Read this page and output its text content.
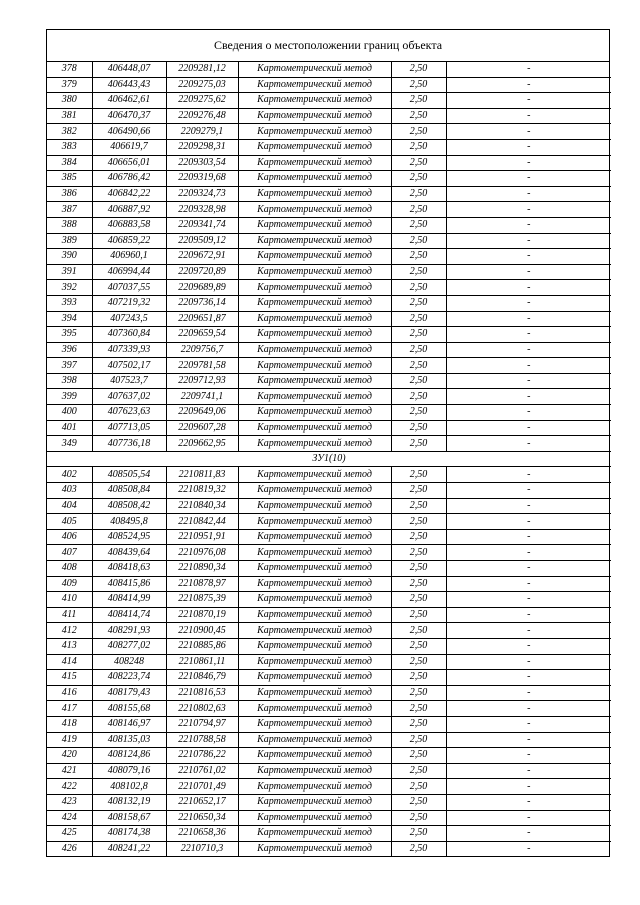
Сведения о местоположении границ объекта
378	406448,07	2209281,12	Картометрический метод	2,50	-
379	406443,43	2209275,03	Картометрический метод	2,50	-
380	406462,61	2209275,62	Картометрический метод	2,50	-
381	406470,37	2209276,48	Картометрический метод	2,50	-
382	406490,66	2209279,1	Картометрический метод	2,50	-
383	406619,7	2209298,31	Картометрический метод	2,50	-
384	406656,01	2209303,54	Картометрический метод	2,50	-
385	406786,42	2209319,68	Картометрический метод	2,50	-
386	406842,22	2209324,73	Картометрический метод	2,50	-
387	406887,92	2209328,98	Картометрический метод	2,50	-
388	406883,58	2209341,74	Картометрический метод	2,50	-
389	406859,22	2209509,12	Картометрический метод	2,50	-
390	406960,1	2209672,91	Картометрический метод	2,50	-
391	406994,44	2209720,89	Картометрический метод	2,50	-
392	407037,55	2209689,89	Картометрический метод	2,50	-
393	407219,32	2209736,14	Картометрический метод	2,50	-
394	407243,5	2209651,87	Картометрический метод	2,50	-
395	407360,84	2209659,54	Картометрический метод	2,50	-
396	407339,93	2209756,7	Картометрический метод	2,50	-
397	407502,17	2209781,58	Картометрический метод	2,50	-
398	407523,7	2209712,93	Картометрический метод	2,50	-
399	407637,02	2209741,1	Картометрический метод	2,50	-
400	407623,63	2209649,06	Картометрический метод	2,50	-
401	407713,05	2209607,28	Картометрический метод	2,50	-
349	407736,18	2209662,95	Картометрический метод	2,50	-
ЗУ1(10)					
402	408505,54	2210811,83	Картометрический метод	2,50	-
403	408508,84	2210819,32	Картометрический метод	2,50	-
404	408508,42	2210840,34	Картометрический метод	2,50	-
405	408495,8	2210842,44	Картометрический метод	2,50	-
406	408524,95	2210951,91	Картометрический метод	2,50	-
407	408439,64	2210976,08	Картометрический метод	2,50	-
408	408418,63	2210890,34	Картометрический метод	2,50	-
409	408415,86	2210878,97	Картометрический метод	2,50	-
410	408414,99	2210875,39	Картометрический метод	2,50	-
411	408414,74	2210870,19	Картометрический метод	2,50	-
412	408291,93	2210900,45	Картометрический метод	2,50	-
413	408277,02	2210885,86	Картометрический метод	2,50	-
414	408248	2210861,11	Картометрический метод	2,50	-
415	408223,74	2210846,79	Картометрический метод	2,50	-
416	408179,43	2210816,53	Картометрический метод	2,50	-
417	408155,68	2210802,63	Картометрический метод	2,50	-
418	408146,97	2210794,97	Картометрический метод	2,50	-
419	408135,03	2210788,58	Картометрический метод	2,50	-
420	408124,86	2210786,22	Картометрический метод	2,50	-
421	408079,16	2210761,02	Картометрический метод	2,50	-
422	408102,8	2210701,49	Картометрический метод	2,50	-
423	408132,19	2210652,17	Картометрический метод	2,50	-
424	408158,67	2210650,34	Картометрический метод	2,50	-
425	408174,38	2210658,36	Картометрический метод	2,50	-
426	408241,22	2210710,3	Картометрический метод	2,50	-
